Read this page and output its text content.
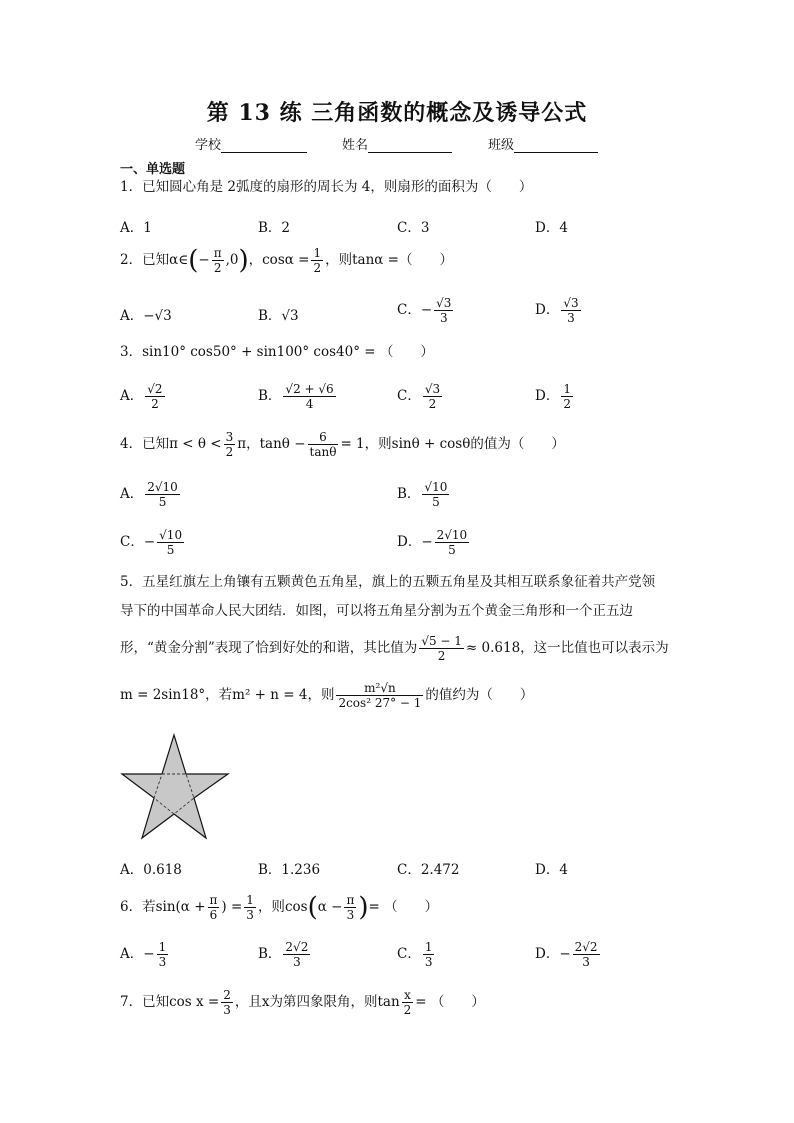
第 13 练 三角函数的概念及诱导公式
学校	姓名	班级
一、单选题
1．已知圆心角是 2弧度的扇形的周长为 4，则扇形的面积为（　　）
A．1	B．2	C．3	D．4
2．已知α∈(− $\frac{\pi}{2} ,0$)，$\cos\alpha = \frac{1}{2}$ ，则tanα =（　　）
A．−√3	B．√3	C．− $\frac{√3}{3}$	D． $\frac{√3}{3}$
3．sin10° cos50° + sin100° cos40° = （　　）
A． $\frac{√2}{2}$	B． $\frac{√2 + √6}{4}$	C． $\frac{√3}{2}$	D． $\frac{1}{2}$
4．已知$\pi < \theta < \frac{3}{2}$ π，$\tan\theta - \frac{6}{\tan\theta} = 1$，则sinθ + cosθ的值为（　　）
A． $\frac{2√10}{5}$	B． $\frac{√10}{5}$
C．− $\frac{√10}{5}$	D．− $\frac{2√10}{5}$
5．五星红旗左上角镶有五颗黄色五角星，旗上的五颗五角星及其相互联系象征着共产党领
导下的中国革命人民大团结．如图，可以将五角星分割为五个黄金三角形和一个正五边
形，“黄金分割”表现了恰到好处的和谐，其比值为 $\frac{√5 - 1}{2} \approx 0.618$，这一比值也可以表示为
m = 2sin18°，若m² + n = 4，则 $\frac{\text{m²√n}}{\text{2cos² 27° − 1}}$ 的值约为（　　）
A．0.618	B．1.236	C．2.472	D．4
6．若$\sin(\alpha + \frac{\pi}{6}$ ) = $\frac{1}{3}$ ，则$\cos(\alpha - \frac{\pi}{3}$ )= （　　）
A．− $\frac{1}{3}$	B． $\frac{2√2}{3}$	C． $\frac{1}{3}$	D．− $\frac{2√2}{3}$
7．已知$\cos x = \frac{2}{3}$ ，且x为第四象限角，则$\tan \frac{x}{2}$ = （　　）
